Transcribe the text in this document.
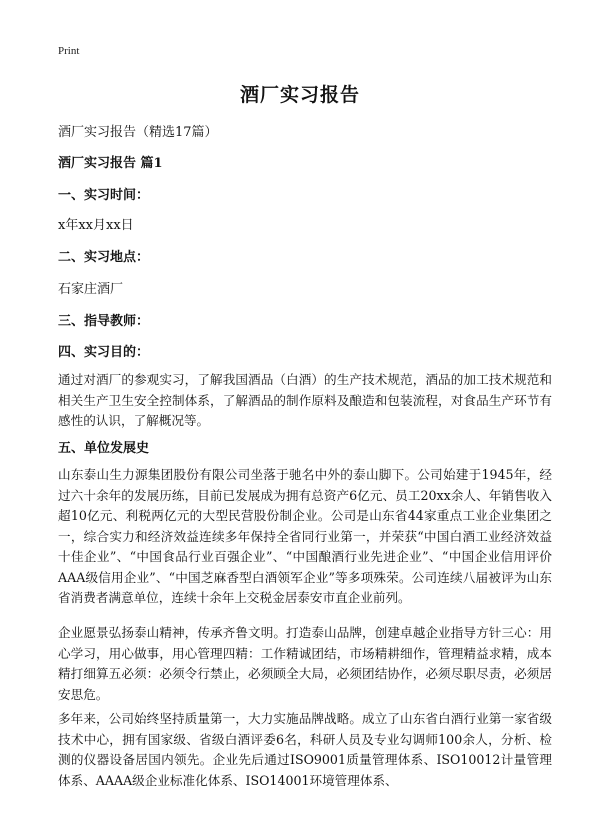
Print
酒厂实习报告
酒厂实习报告（精选17篇）
酒厂实习报告 篇1
一、实习时间：
x年xx月xx日
二、实习地点：
石家庄酒厂
三、指导教师：
四、实习目的：

通过对酒厂的参观实习，了解我国酒品（白酒）的生产技术规范，酒品的加工技术规范和相关生产卫生安全控制体系，了解酒品的制作原料及酿造和包装流程，对食品生产环节有感性的认识，了解概况等。

五、单位发展史

山东泰山生力源集团股份有限公司坐落于驰名中外的泰山脚下。公司始建于1945年，经过六十余年的发展历练，目前已发展成为拥有总资产6亿元、员工20xx余人、年销售收入超10亿元、利税两亿元的大型民营股份制企业。公司是山东省44家重点工业企业集团之一，综合实力和经济效益连续多年保持全省同行业第一，并荣获“中国白酒工业经济效益十佳企业”、“中国食品行业百强企业”、“中国酿酒行业先进企业”、“中国企业信用评价AAA级信用企业”、“中国芝麻香型白酒领军企业”等多项殊荣。公司连续八届被评为山东省消费者满意单位，连续十余年上交税金居泰安市直企业前列。

企业愿景弘扬泰山精神，传承齐鲁文明。打造泰山品牌，创建卓越企业指导方针三心：用心学习，用心做事，用心管理四精：工作精诚团结，市场精耕细作，管理精益求精，成本精打细算五必须：必须令行禁止，必须顾全大局，必须团结协作，必须尽职尽责，必须居安思危。

多年来，公司始终坚持质量第一，大力实施品牌战略。成立了山东省白酒行业第一家省级技术中心，拥有国家级、省级白酒评委6名，科研人员及专业勾调师100余人，分析、检测的仪器设备居国内领先。企业先后通过ISO9001质量管理体系、ISO10012计量管理体系、AAAA级企业标准化体系、ISO14001环境管理体系、
